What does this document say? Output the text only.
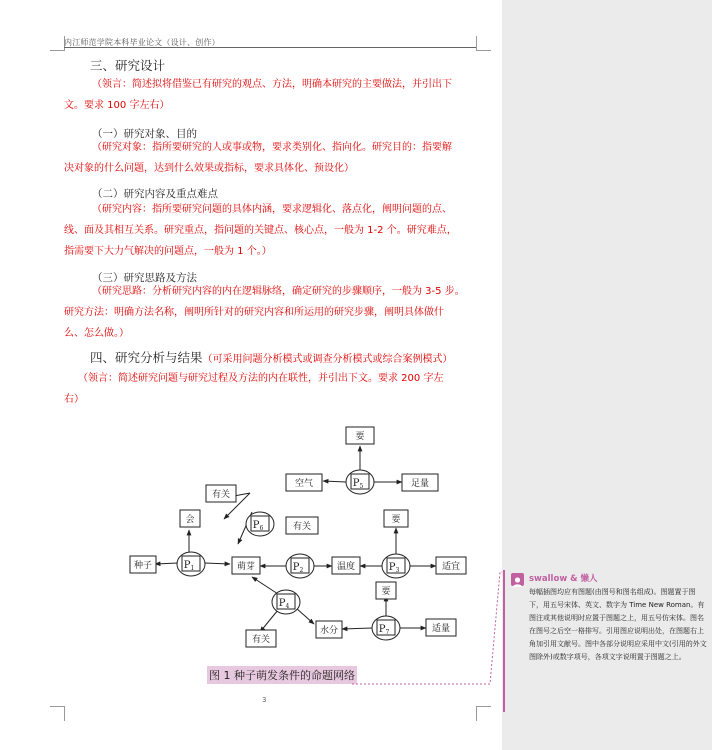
内江师范学院本科毕业论文（设计、创作）
三、研究设计
（领言：简述拟将借鉴已有研究的观点、方法，明确本研究的主要做法，并引出下
文。要求 100 字左右）
（一）研究对象、目的
（研究对象：指所要研究的人或事或物，要求类别化、指向化。研究目的：指要解
决对象的什么问题，达到什么效果或指标，要求具体化、预设化）
（二）研究内容及重点难点
（研究内容：指所要研究问题的具体内涵，要求逻辑化、落点化，阐明问题的点、
线、面及其相互关系。研究重点，指问题的关键点、核心点，一般为 1-2 个。研究难点，
指需要下大力气解决的问题点，一般为 1 个。）
（三）研究思路及方法
（研究思路：分析研究内容的内在逻辑脉络，确定研究的步骤顺序，一般为 3-5 步。
研究方法：明确方法名称，阐明所针对的研究内容和所运用的研究步骤，阐明具体做什
么、怎么做。）
四、研究分析与结果（可采用问题分析模式或调查分析模式或综合案例模式）
（领言：简述研究问题与研究过程及方法的内在联性，并引出下文。要求 200 字左
右）
$P_6$
$P_1$
$P_5$
$P_2$	$P_3$
$P_4$
$P_7$
要
空气	足量
有关
有关
会	要
种子	萌芽	温度	适宜
要
水分	适量
有关
图 1 种子萌发条件的命题网络
3
swallow & 懒人
每幅插图均应有图题(由图号和图名组成)。图题置于图下，用五号宋体、英文、数字为 Time New Roman。有图注或其他说明时应置于图题之上，用五号仿宋体。图名在图号之后空一格排写。引用图应说明出处，在图题右上角加引用文献号。图中各部分说明应采用中文(引用的外文图除外)或数字项号，各项文字说明置于图题之上。
